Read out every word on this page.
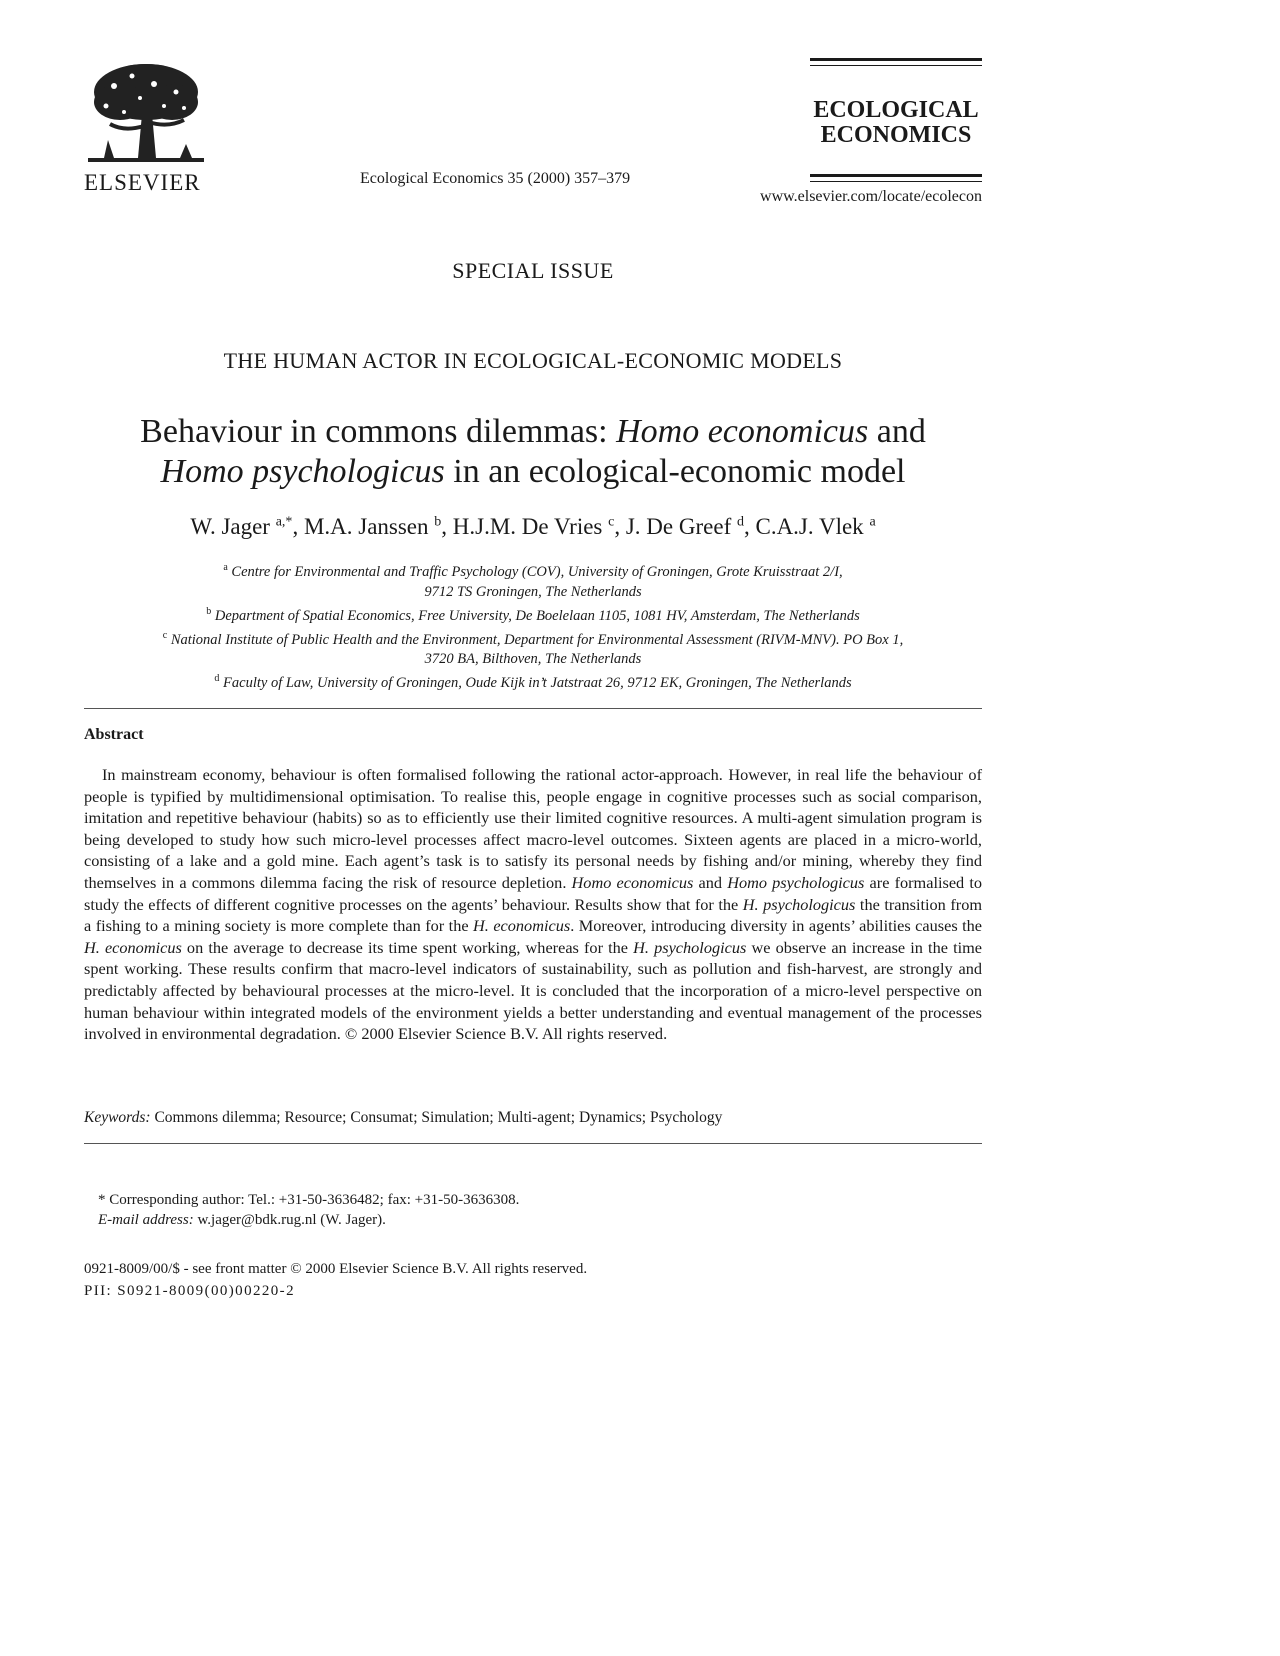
ELSEVIER	Ecological Economics 35 (2000) 357–379
ECOLOGICAL
ECONOMICS
www.elsevier.com/locate/ecolecon
SPECIAL ISSUE
THE HUMAN ACTOR IN ECOLOGICAL-ECONOMIC MODELS
Behaviour in commons dilemmas: Homo economicus and
Homo psychologicus in an ecological-economic model
W. Jager $^{a,*}$, M.A. Janssen $^b$, H.J.M. De Vries $^c$, J. De Greef $^d$, C.A.J. Vlek $^a$
$^a$ Centre for Environmental and Traffic Psychology (COV), University of Groningen, Grote Kruisstraat 2/I,
9712 TS Groningen, The Netherlands
$^b$ Department of Spatial Economics, Free University, De Boelelaan 1105, 1081 HV, Amsterdam, The Netherlands
$^c$ National Institute of Public Health and the Environment, Department for Environmental Assessment (RIVM-MNV). PO Box 1,
3720 BA, Bilthoven, The Netherlands
$^d$ Faculty of Law, University of Groningen, Oude Kijk in’t Jatstraat 26, 9712 EK, Groningen, The Netherlands
Abstract
In mainstream economy, behaviour is often formalised following the rational actor-approach. However, in real life the behaviour of people is typified by multidimensional optimisation. To realise this, people engage in cognitive processes such as social comparison, imitation and repetitive behaviour (habits) so as to efficiently use their limited cognitive resources. A multi-agent simulation program is being developed to study how such micro-level processes affect macro-level outcomes. Sixteen agents are placed in a micro-world, consisting of a lake and a gold mine. Each agent’s task is to satisfy its personal needs by fishing and/or mining, whereby they find themselves in a commons dilemma facing the risk of resource depletion. Homo economicus and Homo psychologicus are formalised to study the effects of different cognitive processes on the agents’ behaviour. Results show that for the H. psychologicus the transition from a fishing to a mining society is more complete than for the H. economicus. Moreover, introducing diversity in agents’ abilities causes the H. economicus on the average to decrease its time spent working, whereas for the H. psychologicus we observe an increase in the time spent working. These results confirm that macro-level indicators of sustainability, such as pollution and fish-harvest, are strongly and predictably affected by behavioural processes at the micro-level. It is concluded that the incorporation of a micro-level perspective on human behaviour within integrated models of the environment yields a better understanding and eventual management of the processes involved in environmental degradation. © 2000 Elsevier Science B.V. All rights reserved.
Keywords: Commons dilemma; Resource; Consumat; Simulation; Multi-agent; Dynamics; Psychology
* Corresponding author: Tel.: +31-50-3636482; fax: +31-50-3636308.
E-mail address: w.jager@bdk.rug.nl (W. Jager).
0921-8009/00/$ - see front matter © 2000 Elsevier Science B.V. All rights reserved.
PII: S0921-8009(00)00220-2
